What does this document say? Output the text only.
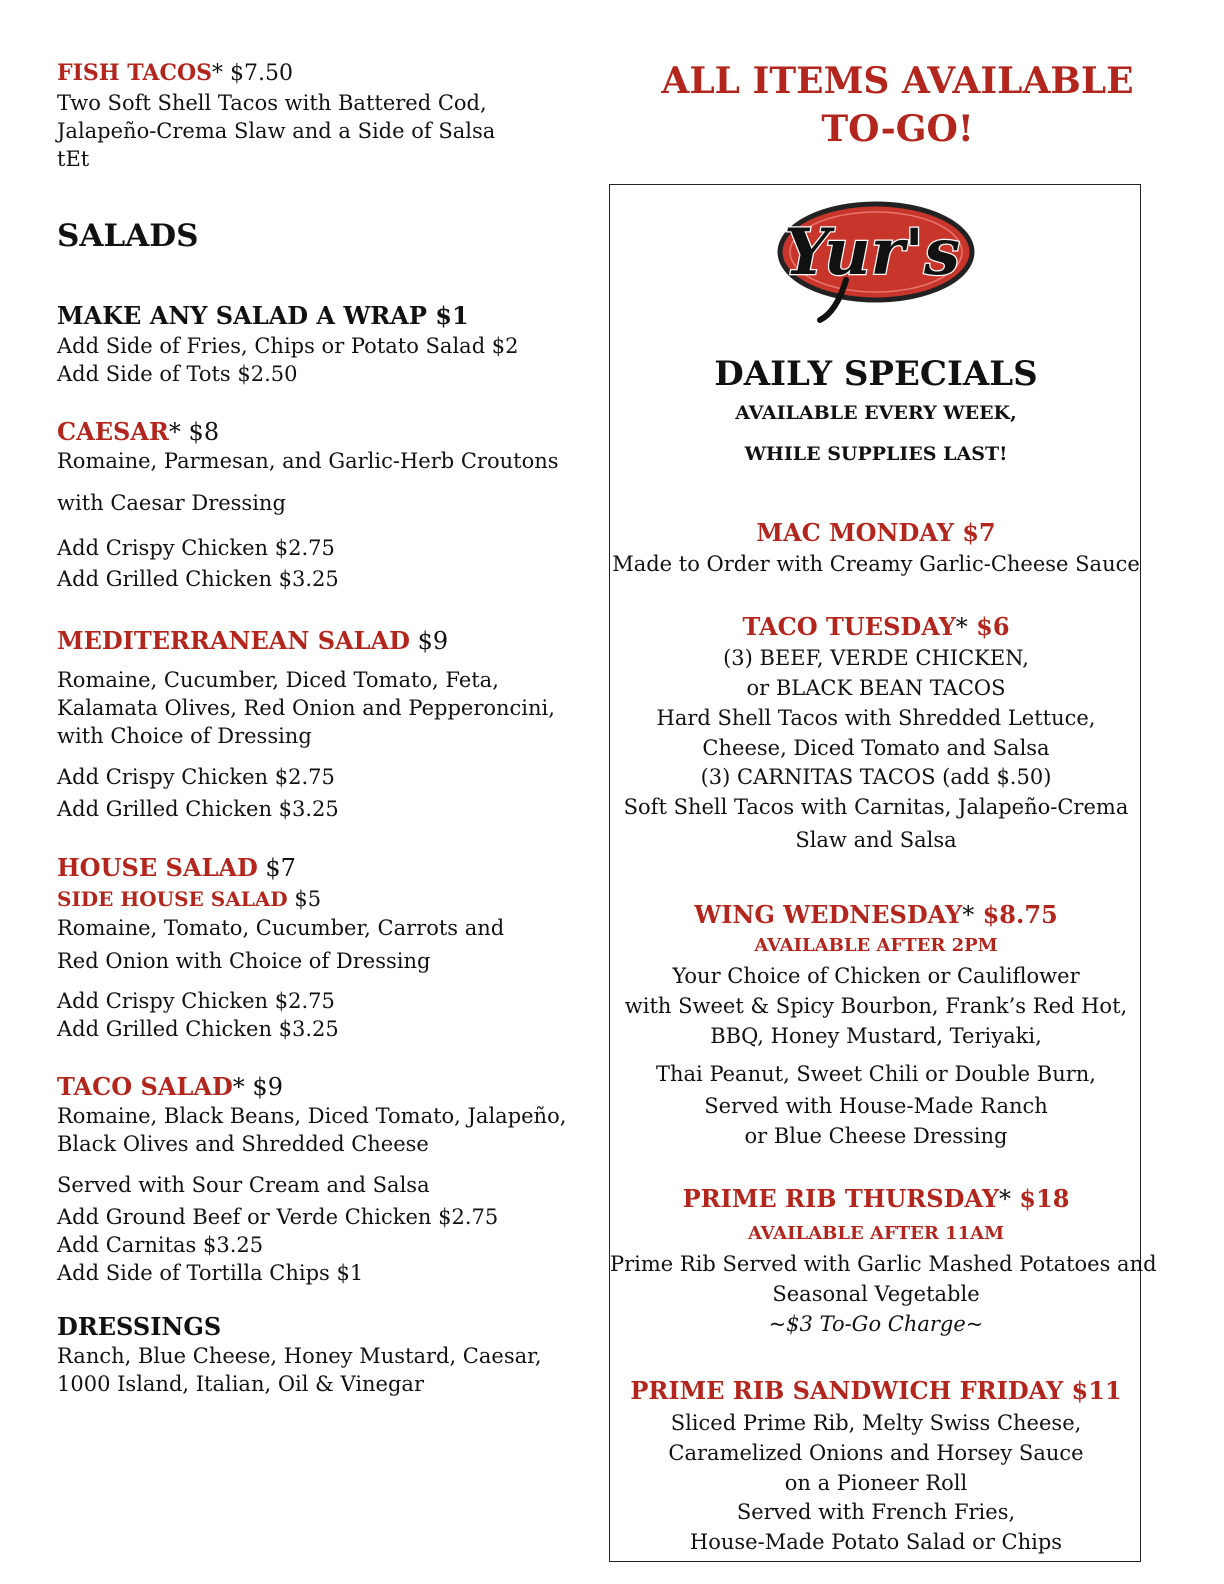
FISH TACOS* $7.50
Two Soft Shell Tacos with Battered Cod,
Jalapeño-Crema Slaw and a Side of Salsa
tEt
SALADS
MAKE ANY SALAD A WRAP $1
Add Side of Fries, Chips or Potato Salad $2
Add Side of Tots $2.50
CAESAR* $8
Romaine, Parmesan, and Garlic-Herb Croutons
with Caesar Dressing
Add Crispy Chicken $2.75
Add Grilled Chicken $3.25
MEDITERRANEAN SALAD $9
Romaine, Cucumber, Diced Tomato, Feta,
Kalamata Olives, Red Onion and Pepperoncini,
with Choice of Dressing
Add Crispy Chicken $2.75
Add Grilled Chicken $3.25
HOUSE SALAD $7
SIDE HOUSE SALAD $5
Romaine, Tomato, Cucumber, Carrots and
Red Onion with Choice of Dressing
Add Crispy Chicken $2.75
Add Grilled Chicken $3.25
TACO SALAD* $9
Romaine, Black Beans, Diced Tomato, Jalapeño,
Black Olives and Shredded Cheese
Served with Sour Cream and Salsa
Add Ground Beef or Verde Chicken $2.75
Add Carnitas $3.25
Add Side of Tortilla Chips $1
DRESSINGS
Ranch, Blue Cheese, Honey Mustard, Caesar,
1000 Island, Italian, Oil & Vinegar
ALL ITEMS AVAILABLE
TO-GO!
Yur's
DAILY SPECIALS
AVAILABLE EVERY WEEK,
WHILE SUPPLIES LAST!
MAC MONDAY $7
Made to Order with Creamy Garlic-Cheese Sauce
TACO TUESDAY* $6
(3) BEEF, VERDE CHICKEN,
or BLACK BEAN TACOS
Hard Shell Tacos with Shredded Lettuce,
Cheese, Diced Tomato and Salsa
(3) CARNITAS TACOS (add $.50)
Soft Shell Tacos with Carnitas, Jalapeño-Crema
Slaw and Salsa
WING WEDNESDAY* $8.75
AVAILABLE AFTER 2PM
Your Choice of Chicken or Cauliflower
with Sweet & Spicy Bourbon, Frank’s Red Hot,
BBQ, Honey Mustard, Teriyaki,
Thai Peanut, Sweet Chili or Double Burn,
Served with House-Made Ranch
or Blue Cheese Dressing
PRIME RIB THURSDAY* $18
AVAILABLE AFTER 11AM
Prime Rib Served with Garlic Mashed Potatoes and
Seasonal Vegetable
~$3 To-Go Charge~
PRIME RIB SANDWICH FRIDAY $11
Sliced Prime Rib, Melty Swiss Cheese,
Caramelized Onions and Horsey Sauce
on a Pioneer Roll
Served with French Fries,
House-Made Potato Salad or Chips
